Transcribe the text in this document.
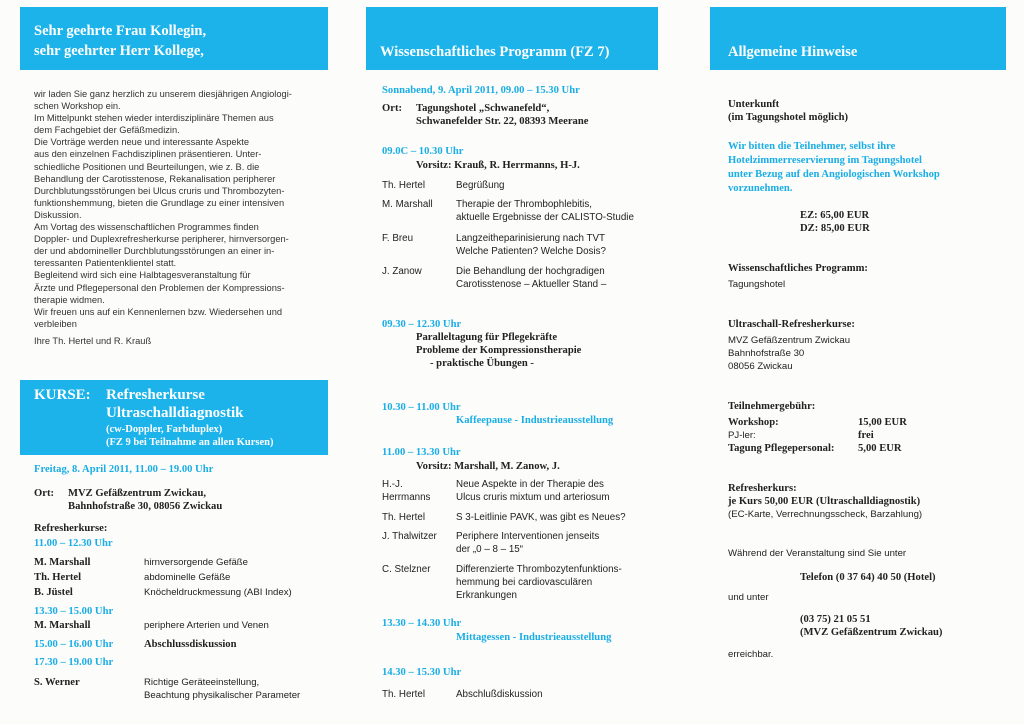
Sehr geehrte Frau Kollegin,
sehr geehrter Herr Kollege,
wir laden Sie ganz herzlich zu unserem diesjährigen Angiologi-
schen Workshop ein.
Im Mittelpunkt stehen wieder interdisziplinäre Themen aus
dem Fachgebiet der Gefäßmedizin.
Die Vorträge werden neue und interessante Aspekte
aus den einzelnen Fachdisziplinen präsentieren. Unter-
schiedliche Positionen und Beurteilungen, wie z. B. die
Behandlung der Carotisstenose, Rekanalisation peripherer
Durchblutungsstörungen bei Ulcus cruris und Thrombozyten-
funktionshemmung, bieten die Grundlage zu einer intensiven
Diskussion.
Am Vortag des wissenschaftlichen Programmes finden
Doppler- und Duplexrefresherkurse peripherer, hirnversorgen-
der und abdomineller Durchblutungsstörungen an einer in-
teressanten Patientenklientel statt.
Begleitend wird sich eine Halbtagesveranstaltung für
Ärzte und Pflegepersonal den Problemen der Kompressions-
therapie widmen.
Wir freuen uns auf ein Kennenlernen bzw. Wiedersehen und
verbleiben
Ihre Th. Hertel und R. Krauß
KURSE: Refresherkurse
Ultraschalldiagnostik
(cw-Doppler, Farbduplex)
(FZ 9 bei Teilnahme an allen Kursen)
Freitag, 8. April 2011, 11.00 – 19.00 Uhr
Ort: MVZ Gefäßzentrum Zwickau,
Bahnhofstraße 30, 08056 Zwickau
Refresherkurse:
11.00 – 12.30 Uhr
M. Marshall	hirnversorgende Gefäße
Th. Hertel	abdominelle Gefäße
B. Jüstel	Knöcheldruckmessung (ABI Index)
13.30 – 15.00 Uhr
M. Marshall	periphere Arterien und Venen
15.00 – 16.00 Uhr	Abschlussdiskussion
17.30 – 19.00 Uhr
S. Werner	Richtige Geräteeinstellung,
Beachtung physikalischer Parameter
Wissenschaftliches Programm (FZ 7)
Sonnabend, 9. April 2011, 09.00 – 15.30 Uhr
Ort: Tagungshotel „Schwanefeld“,
Schwanefelder Str. 22, 08393 Meerane
09.0C – 10.30 Uhr
Vorsitz: Krauß, R. Herrmanns, H-J.
Th. Hertel	Begrüßung
M. Marshall Therapie der Thrombophlebitis,
aktuelle Ergebnisse der CALISTO-Studie
F. Breu	Langzeitheparinisierung nach TVT
Welche Patienten? Welche Dosis?
J. Zanow	Die Behandlung der hochgradigen
Carotisstenose – Aktueller Stand –
09.30 – 12.30 Uhr
Paralleltagung für Pflegekräfte
Probleme der Kompressionstherapie
- praktische Übungen -
10.30 – 11.00 Uhr
Kaffeepause - Industrieausstellung
11.00 – 13.30 Uhr
Vorsitz: Marshall, M. Zanow, J.
H.-J.
Herrmanns
Neue Aspekte in der Therapie des
Ulcus cruris mixtum und arteriosum
Th. Hertel	S 3-Leitlinie PAVK, was gibt es Neues?
J. Thalwitzer Periphere Interventionen jenseits
der „0 – 8 – 15“
C. Stelzner	Differenzierte Thrombozytenfunktions-
hemmung bei cardiovasculären
Erkrankungen
13.30 – 14.30 Uhr
Mittagessen - Industrieausstellung
14.30 – 15.30 Uhr
Th. Hertel	Abschlußdiskussion
Allgemeine Hinweise
Unterkunft
(im Tagungshotel möglich)
Wir bitten die Teilnehmer, selbst ihre
Hotelzimmerreservierung im Tagungshotel
unter Bezug auf den Angiologischen Workshop
vorzunehmen.
EZ: 65,00 EUR
DZ: 85,00 EUR
Wissenschaftliches Programm:
Tagungshotel
Ultraschall-Refresherkurse:
MVZ Gefäßzentrum Zwickau
Bahnhofstraße 30
08056 Zwickau
Teilnehmergebühr:
Workshop:	15,00 EUR
PJ-ler:	frei
Tagung Pflegepersonal: 5,00 EUR
Refresherkurs:
je Kurs 50,00 EUR (Ultraschalldiagnostik)
(EC-Karte, Verrechnungsscheck, Barzahlung)
Während der Veranstaltung sind Sie unter
Telefon (0 37 64) 40 50 (Hotel)
und unter
(03 75) 21 05 51
(MVZ Gefäßzentrum Zwickau)
erreichbar.
